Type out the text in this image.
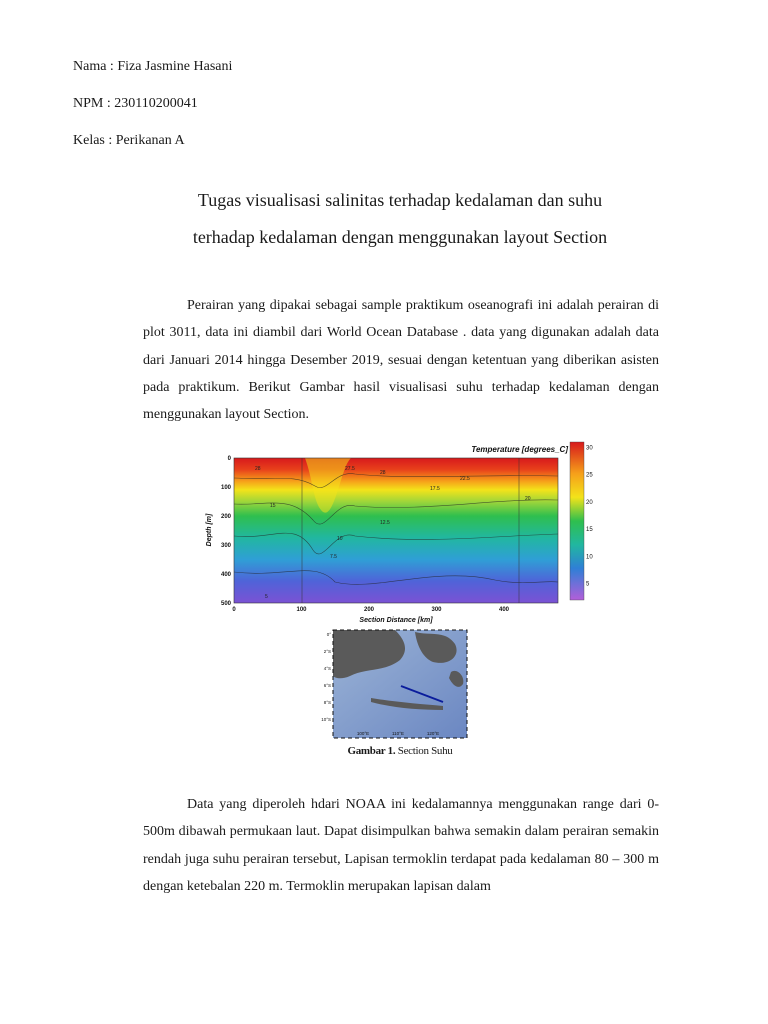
Nama : Fiza Jasmine Hasani

NPM : 230110200041

Kelas : Perikanan A

Tugas visualisasi salinitas terhadap kedalaman dan suhu
terhadap kedalaman dengan menggunakan layout Section

Perairan yang dipakai sebagai sample praktikum oseanografi ini adalah perairan di plot 3011, data ini diambil dari World Ocean Database . data yang digunakan adalah data dari Januari 2014 hingga Desember 2019, sesuai dengan ketentuan yang diberikan asisten pada praktikum. Berikut Gambar hasil visualisasi suhu terhadap kedalaman dengan menggunakan layout Section.

Temperature [degrees_C]
28	27.5
28
22.5
17.5
20
15
12.5
10
7.5
5
0
100
200
300
400
500
0	100	200	300	400
Depth [m]
Section Distance [km]
30
25
20
15
10
5
0°
2°S
4°S
6°S
8°S
10°S
100°E	110°E	120°E
Gambar 1. Section Suhu

Data yang diperoleh hdari NOAA ini kedalamannya menggunakan range dari 0-500m dibawah permukaan laut. Dapat disimpulkan bahwa semakin dalam perairan semakin rendah juga suhu perairan tersebut, Lapisan termoklin terdapat pada kedalaman 80 – 300 m dengan ketebalan 220 m. Termoklin merupakan lapisan dalam
